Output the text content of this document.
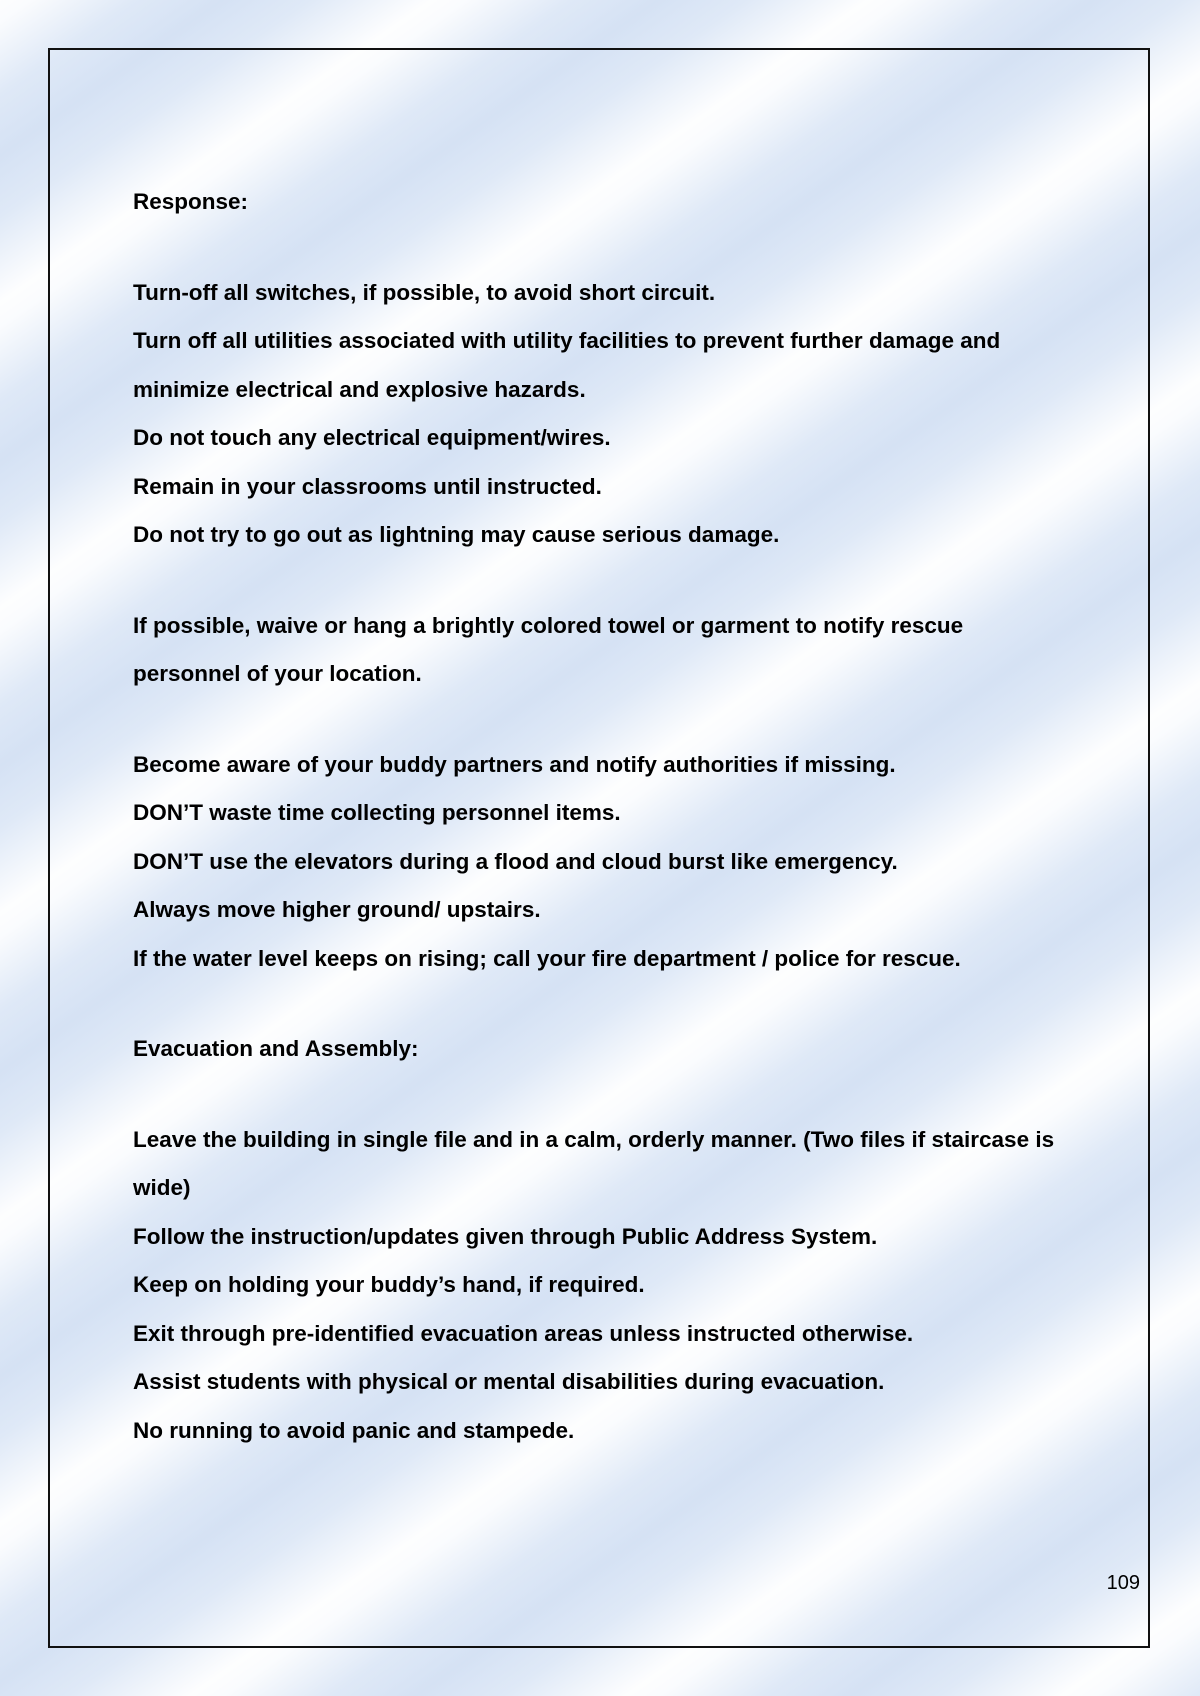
Response:

Turn-off all switches, if possible, to avoid short circuit.

Turn off all utilities associated with utility facilities to prevent further damage and

minimize electrical and explosive hazards.

Do not touch any electrical equipment/wires.

Remain in your classrooms until instructed.

Do not try to go out as lightning may cause serious damage.

If possible, waive or hang a brightly colored towel or garment to notify rescue

personnel of your location.

Become aware of your buddy partners and notify authorities if missing.

DON’T waste time collecting personnel items.

DON’T use the elevators during a flood and cloud burst like emergency.

Always move higher ground/ upstairs.

If the water level keeps on rising; call your fire department / police for rescue.

Evacuation and Assembly:

Leave the building in single file and in a calm, orderly manner. (Two files if staircase is

wide)

Follow the instruction/updates given through Public Address System.

Keep on holding your buddy’s hand, if required.

Exit through pre-identified evacuation areas unless instructed otherwise.

Assist students with physical or mental disabilities during evacuation.

No running to avoid panic and stampede.

109
